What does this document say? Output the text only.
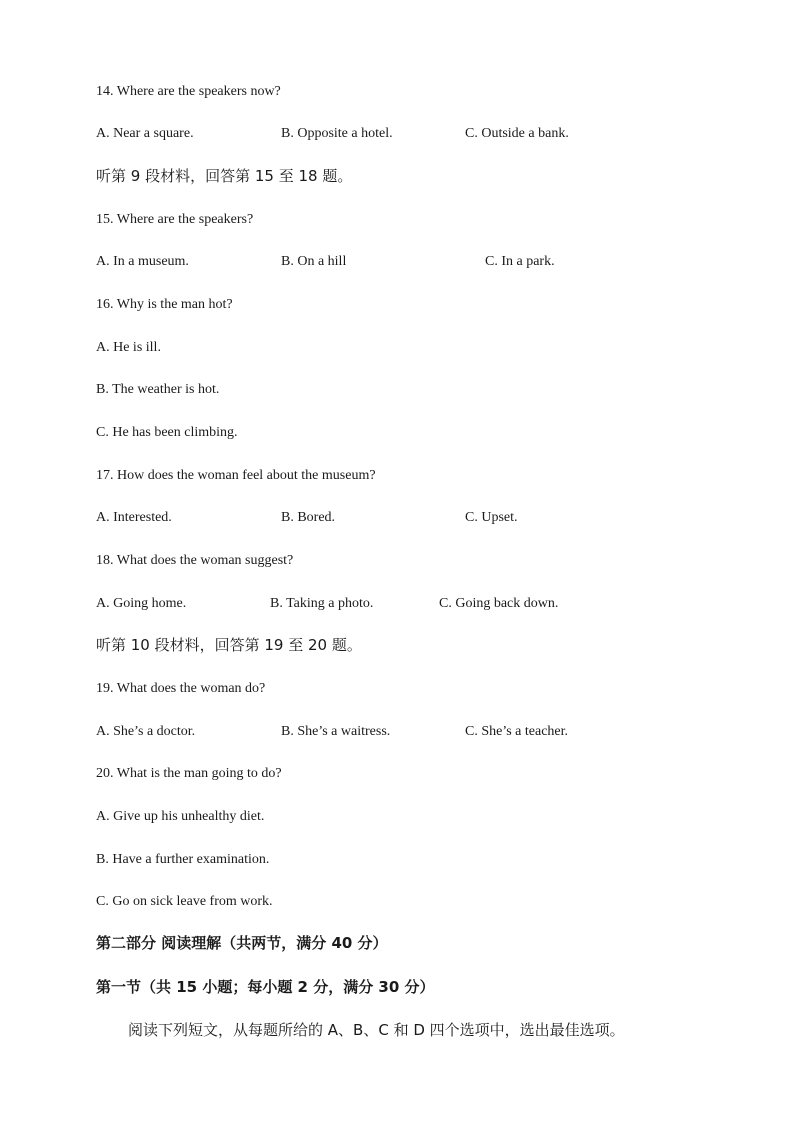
14. Where are the speakers now?
A. Near a square.	B. Opposite a hotel.	C. Outside a bank.
听第 9 段材料，回答第 15 至 18 题。
15. Where are the speakers?
A. In a museum.	B. On a hill	C. In a park.
16. Why is the man hot?
A. He is ill.
B. The weather is hot.
C. He has been climbing.
17. How does the woman feel about the museum?
A. Interested.	B. Bored.	C. Upset.
18. What does the woman suggest?
A. Going home.	B. Taking a photo.	C. Going back down.
听第 10 段材料，回答第 19 至 20 题。
19. What does the woman do?
A. She’s a doctor.	B. She’s a waitress.	C. She’s a teacher.
20. What is the man going to do?
A. Give up his unhealthy diet.
B. Have a further examination.
C. Go on sick leave from work.
第二部分 阅读理解（共两节，满分 40 分）
第一节（共 15 小题；每小题 2 分，满分 30 分）
阅读下列短文，从每题所给的 A、B、C 和 D 四个选项中，选出最佳选项。
